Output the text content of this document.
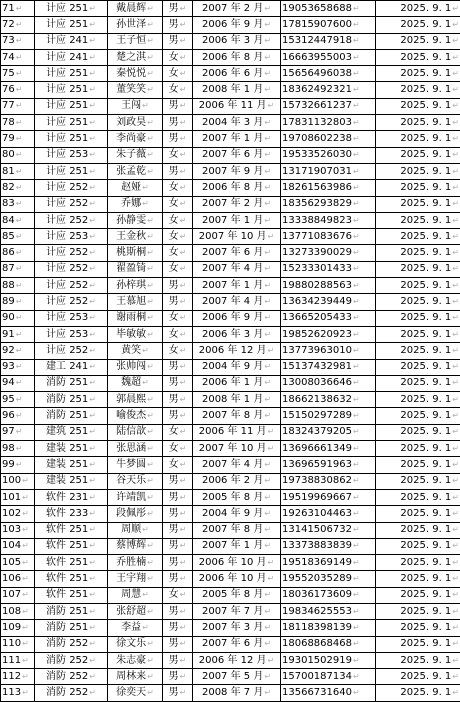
71↵	计应 251↵	戴晨辉↵	男↵	2007 年 2 月↵	19053658688↵	2025. 9. 1↵
72↵	计应 251↵	孙世泽↵	男↵	2006 年 9 月↵	17815907600↵	2025. 9. 1↵
73↵	计应 241↵	王子恒↵	男↵	2006 年 3 月↵	15312447918↵	2025. 9. 1↵
74↵	计应 241↵	楚之淇↵	女↵	2006 年 8 月↵	16663955003↵	2025. 9. 1↵
75↵	计应 251↵	秦悦悦↵	女↵	2006 年 6 月↵	15656496038↵	2025. 9. 1↵
76↵	计应 251↵	董笑笑↵	女↵	2008 年 1 月↵	18362492321↵	2025. 9. 1↵
77↵	计应 251↵	王闯↵	男↵	2006 年 11 月↵	15732661237↵	2025. 9. 1↵
78↵	计应 251↵	刘政昊↵	男↵	2004 年 3 月↵	17831132803↵	2025. 9. 1↵
79↵	计应 251↵	李尚豪↵	男↵	2007 年 1 月↵	19708602238↵	2025. 9. 1↵
80↵	计应 253↵	朱子薇↵	女↵	2007 年 6 月↵	19533526030↵	2025. 9. 1↵
81↵	计应 251↵	张孟乾↵	男↵	2007 年 9 月↵	13171907031↵	2025. 9. 1↵
82↵	计应 252↵	赵娅↵	女↵	2006 年 8 月↵	18261563986↵	2025. 9. 1↵
83↵	计应 252↵	乔娜↵	女↵	2007 年 2 月↵	18356293829↵	2025. 9. 1↵
84↵	计应 252↵	孙静雯↵	女↵	2007 年 1 月↵	13338849823↵	2025. 9. 1↵
85↵	计应 253↵	王金秋↵	女↵	2007 年 10 月↵	13771083676↵	2025. 9. 1↵
86↵	计应 252↵	桃斯桐↵	女↵	2007 年 6 月↵	13273390029↵	2025. 9. 1↵
87↵	计应 252↵	翟盈锜↵	女↵	2007 年 4 月↵	15233301433↵	2025. 9. 1↵
88↵	计应 252↵	孙梓琪↵	男↵	2007 年 1 月↵	19880288563↵	2025. 9. 1↵
89↵	计应 252↵	王慕旭↵	男↵	2007 年 4 月↵	13634239449↵	2025. 9. 1↵
90↵	计应 253↵	谢雨桐↵	女↵	2006 年 9 月↵	13665205433↵	2025. 9. 1↵
91↵	计应 253↵	毕敏敏↵	女↵	2006 年 3 月↵	19852620923↵	2025. 9. 1↵
92↵	计应 252↵	黄笑↵	女↵	2006 年 12 月↵	13773963010↵	2025. 9. 1↵
93↵	建工 241↵	张帅闯↵	男↵	2004 年 9 月↵	15137432981↵	2025. 9. 1↵
94↵	消防 251↵	魏超↵	男↵	2006 年 1 月↵	13008036646↵	2025. 9. 1↵
95↵	消防 251↵	郭晨熙↵	男↵	2008 年 1 月↵	18662138632↵	2025. 9. 1↵
96↵	消防 251↵	喻俊杰↵	男↵	2007 年 8 月↵	15150297289↵	2025. 9. 1↵
97↵	建筑 251↵	陆信歆↵	女↵	2006 年 11 月↵	18324379205↵	2025. 9. 1↵
98↵	建装 251↵	张思涵↵	女↵	2007 年 10 月↵	13696661349↵	2025. 9. 1↵
99↵	建装 251↵	牛梦圆↵	女↵	2007 年 4 月↵	13696591963↵	2025. 9. 1↵
100↵	建装 251↵	谷天乐↵	男↵	2006 年 2 月↵	19738830862↵	2025. 9. 1↵
101↵	软件 231↵	许靖凯↵	男↵	2005 年 8 月↵	19519969667↵	2025. 9. 1↵
102↵	软件 233↵	段佩彤↵	男↵	2004 年 9 月↵	19263104463↵	2025. 9. 1↵
103↵	软件 251↵	周顺↵	男↵	2007 年 8 月↵	13141506732↵	2025. 9. 1↵
104↵	软件 251↵	蔡博辉↵	男↵	2007 年 1 月↵	13373883839↵	2025. 9. 1↵
105↵	软件 251↵	乔胜楠↵	男↵	2006 年 10 月↵	19518369149↵	2025. 9. 1↵
106↵	软件 251↵	王宇翔↵	男↵	2006 年 10 月↵	19552035289↵	2025. 9. 1↵
107↵	软件 251↵	周慧↵	女↵	2005 年 8 月↵	18036173609↵	2025. 9. 1↵
108↵	消防 251↵	张舒超↵	男↵	2007 年 7 月↵	19834625553↵	2025. 9. 1↵
109↵	消防 251↵	李益↵	男↵	2007 年 3 月↵	18118398139↵	2025. 9. 1↵
110↵	消防 252↵	徐文乐↵	男↵	2007 年 6 月↵	18068868468↵	2025. 9. 1↵
111↵	消防 252↵	朱志豪↵	男↵	2006 年 12 月↵	19301502919↵	2025. 9. 1↵
112↵	消防 252↵	周林来↵	男↵	2007 年 5 月↵	15700187134↵	2025. 9. 1↵
113↵	消防 252↵	徐奕天↵	男↵	2008 年 7 月↵	13566731640↵	2025. 9. 1↵
